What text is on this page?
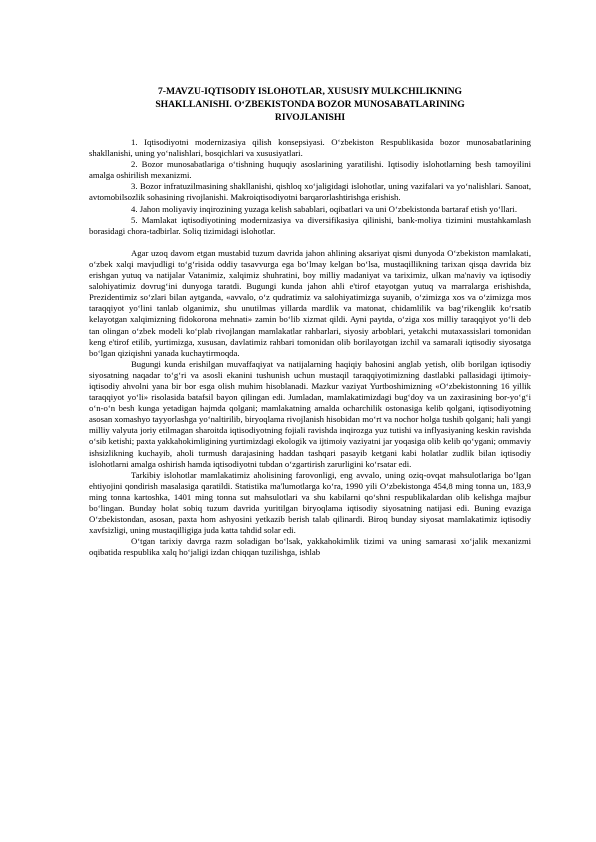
7-MAVZU-IQTISODIY ISLOHOTLAR, XUSUSIY MULKCHILIKNING
SHAKLLANISHI. O‘ZBEKISTONDA BOZOR MUNOSABATLARINING
RIVOJLANISHI

1. Iqtisodiyotni modernizasiya qilish konsepsiyasi. O‘zbekiston Respublikasida bozor munosabatlarining shakllanishi, uning yo‘nalishlari, bosqichlari va xususiyatlari.

2. Bozor munosabatlariga o‘tishning huquqiy asoslarining yaratilishi. Iqtisodiy islohotlarning besh tamoyilini amalga oshirilish mexanizmi.

3. Bozor infratuzilmasining shakllanishi, qishloq xo‘jaligidagi islohotlar, uning vazifalari va yo‘nalishlari. Sanoat, avtomobilsozlik sohasining rivojlanishi. Makroiqtisodiyotni barqarorlashtirishga erishish.

4. Jahon moliyaviy inqirozining yuzaga kelish sabablari, oqibatlari va uni O‘zbekistonda bartaraf etish yo‘llari.

5. Mamlakat iqtisodiyotining modernizasiya va diversifikasiya qilinishi, bank-moliya tizimini mustahkamlash borasidagi chora-tadbirlar. Soliq tizimidagi islohotlar.

Agar uzoq davom etgan mustabid tuzum davrida jahon ahlining aksariyat qismi dunyoda O‘zbekiston mamlakati, o‘zbek xalqi mavjudligi to‘g‘risida oddiy tasavvurga ega bo‘lmay kelgan bo‘lsa, mustaqillikning tarixan qisqa davrida biz erishgan yutuq va natijalar Vatanimiz, xalqimiz shuhratini, boy milliy madaniyat va tariximiz, ulkan ma'naviy va iqtisodiy salohiyatimiz dovrug‘ini dunyoga taratdi. Bugungi kunda jahon ahli e'tirof etayotgan yutuq va marralarga erishishda, Prezidentimiz so‘zlari bilan aytganda, «avvalo, o‘z qudratimiz va salohiyatimizga suyanib, o‘zimizga xos va o‘zimizga mos taraqqiyot yo‘lini tanlab olganimiz, shu unutilmas yillarda mardlik va matonat, chidamlilik va bag‘rikenglik ko‘rsatib kelayotgan xalqimizning fidokorona mehnati» zamin bo‘lib xizmat qildi. Ayni paytda, o‘ziga xos milliy taraqqiyot yo‘li deb tan olingan o‘zbek modeli ko‘plab rivojlangan mamlakatlar rahbarlari, siyosiy arboblari, yetakchi mutaxassislari tomonidan keng e'tirof etilib, yurtimizga, xususan, davlatimiz rahbari tomonidan olib borilayotgan izchil va samarali iqtisodiy siyosatga bo‘lgan qiziqishni yanada kuchaytirmoqda.

Bugungi kunda erishilgan muvaffaqiyat va natijalarning haqiqiy bahosini anglab yetish, olib borilgan iqtisodiy siyosatning naqadar to‘g‘ri va asosli ekanini tushunish uchun mustaqil taraqqiyotimizning dastlabki pallasidagi ijtimoiy-iqtisodiy ahvolni yana bir bor esga olish muhim hisoblanadi. Mazkur vaziyat Yurtboshimizning «O‘zbekistonning 16 yillik taraqqiyot yo‘li» risolasida batafsil bayon qilingan edi. Jumladan, mamlakatimizdagi bug‘doy va un zaxirasining bor-yo‘g‘i o‘n-o‘n besh kunga yetadigan hajmda qolgani; mamlakatning amalda ocharchilik ostonasiga kelib qolgani, iqtisodiyotning asosan xomashyo tayyorlashga yo‘naltirilib, biryoqlama rivojlanish hisobidan mo‘rt va nochor holga tushib qolgani; hali yangi milliy valyuta joriy etilmagan sharoitda iqtisodiyotning fojiali ravishda inqirozga yuz tutishi va inflyasiyaning keskin ravishda o‘sib ketishi; paxta yakkahokimligining yurtimizdagi ekologik va ijtimoiy vaziyatni jar yoqasiga olib kelib qo‘ygani; ommaviy ishsizlikning kuchayib, aholi turmush darajasining haddan tashqari pasayib ketgani kabi holatlar zudlik bilan iqtisodiy islohotlarni amalga oshirish hamda iqtisodiyotni tubdan o‘zgartirish zarurligini ko‘rsatar edi.

Tarkibiy islohotlar mamlakatimiz aholisining farovonligi, eng avvalo, uning oziq-ovqat mahsulotlariga bo‘lgan ehtiyojini qondirish masalasiga qaratildi. Statistika ma'lumotlarga ko‘ra, 1990 yili O‘zbekistonga 454,8 ming tonna un, 183,9 ming tonna kartoshka, 1401 ming tonna sut mahsulotlari va shu kabilarni qo‘shni respublikalardan olib kelishga majbur bo‘lingan. Bunday holat sobiq tuzum davrida yuritilgan biryoqlama iqtisodiy siyosatning natijasi edi. Buning evaziga O‘zbekistondan, asosan, paxta hom ashyosini yetkazib berish talab qilinardi. Biroq bunday siyosat mamlakatimiz iqtisodiy xavfsizligi, uning mustaqilligiga juda katta tahdid solar edi.

O‘tgan tarixiy davrga razm soladigan bo‘lsak, yakkahokimlik tizimi va uning samarasi xo‘jalik mexanizmi oqibatida respublika xalq ho‘jaligi izdan chiqqan tuzilishga, ishlab
